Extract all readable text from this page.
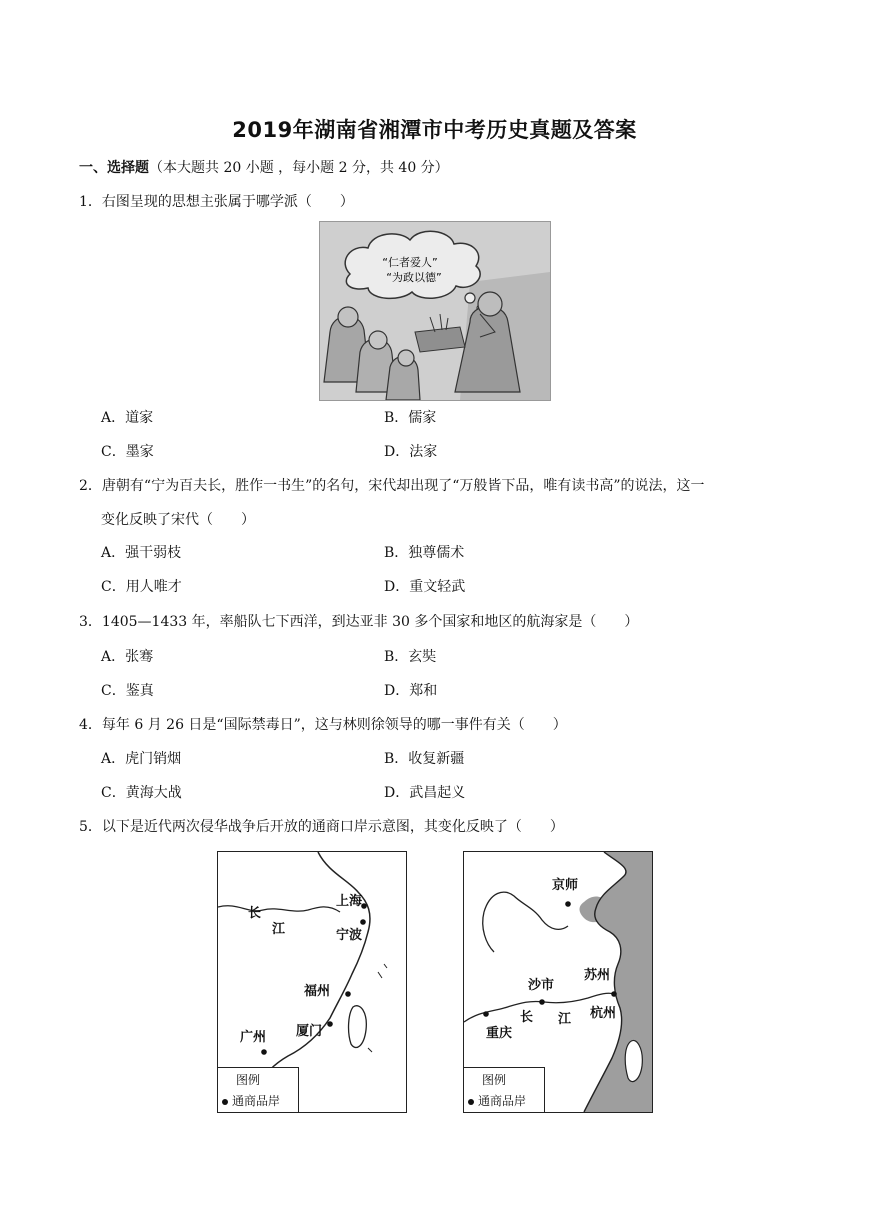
2019年湖南省湘潭市中考历史真题及答案
一、选择题（本大题共 20 小题 ，每小题 2 分，共 40 分）
1．右图呈现的思想主张属于哪学派（　　）
“仁者爱人”
“为政以德”
A．道家	B．儒家
C．墨家	D．法家
2．唐朝有“宁为百夫长，胜作一书生”的名句，宋代却出现了“万般皆下品，唯有读书高”的说法，这一
变化反映了宋代（　　）
A．强干弱枝	B．独尊儒术
C．用人唯才	D．重文轻武
3．1405—1433 年，率船队七下西洋，到达亚非 30 多个国家和地区的航海家是（　　）
A．张骞	B．玄奘
C．鉴真	D．郑和
4．每年 6 月 26 日是“国际禁毒日”，这与林则徐领导的哪一事件有关（　　）
A．虎门销烟	B．收复新疆
C．黄海大战	D．武昌起义
5．以下是近代两次侵华战争后开放的通商口岸示意图，其变化反映了（　　）
长
江
上海
宁波
福州
厦门
广州
图例
通商品岸
京师
苏州
沙市
杭州
重庆
长 江
图例
通商品岸
